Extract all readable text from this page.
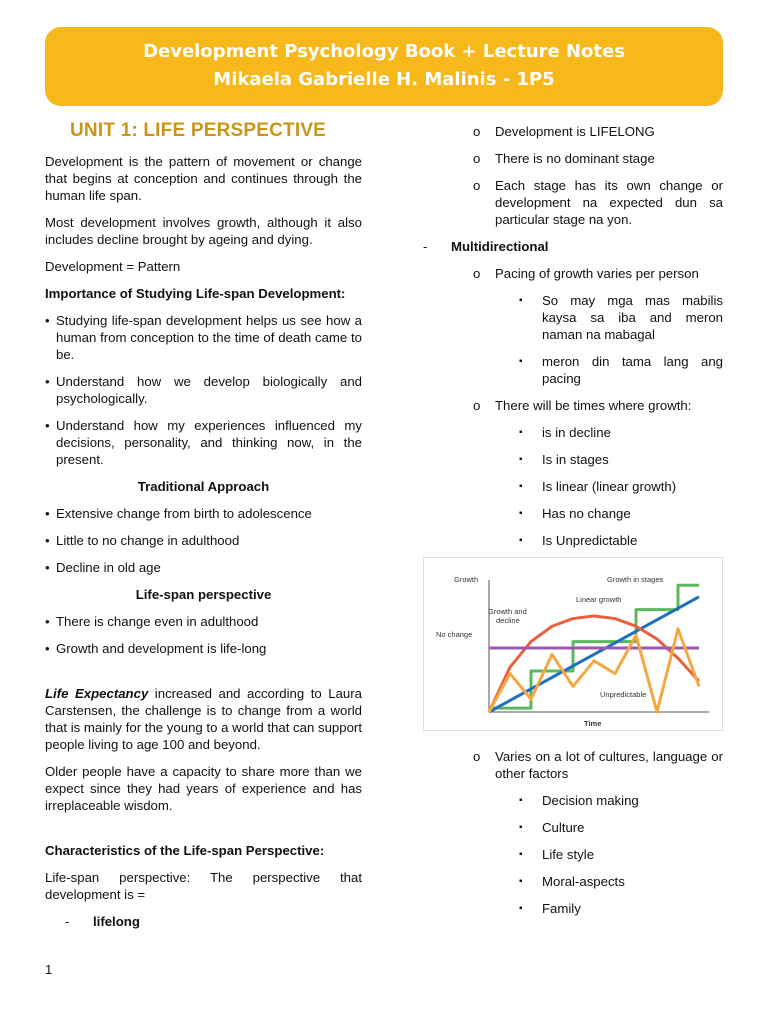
Development Psychology Book + Lecture Notes
Mikaela Gabrielle H. Malinis - 1P5
UNIT 1: LIFE PERSPECTIVE

Development is the pattern of movement or change that begins at conception and continues through the human life span.

Most development involves growth, although it also includes decline brought by ageing and dying.

Development = Pattern

Importance of Studying Life-span Development:

• Studying life-span development helps us see how a human from conception to the time of death came to be.
• Understand how we develop biologically and psychologically.
• Understand how my experiences influenced my decisions, personality, and thinking now, in the present.

Traditional Approach

• Extensive change from birth to adolescence
• Little to no change in adulthood
• Decline in old age

Life-span perspective

• There is change even in adulthood
• Growth and development is life-long

Life Expectancy increased and according to Laura Carstensen, the challenge is to change from a world that is mainly for the young to a world that can support people living to age 100 and beyond.

Older people have a capacity to share more than we expect since they had years of experience and has irreplaceable wisdom.

Characteristics of the Life-span Perspective:

Life-span perspective: The perspective that development is =

- lifelong
o Development is LIFELONG
o There is no dominant stage
o Each stage has its own change or development na expected dun sa particular stage na yon.
- Multidirectional
o Pacing of growth varies per person
▪ So may mga mas mabilis kaysa sa iba and meron naman na mabagal
▪ meron din tama lang ang pacing
o There will be times where growth:
▪ is in decline
▪ Is in stages
▪ Is linear (linear growth)
▪ Has no change
▪ Is Unpredictable
Growth
Time
Growth in stages
Linear growth
Growth and
decline
No change
Unpredictable
o Varies on a lot of cultures, language or other factors
▪ Decision making
▪ Culture
▪ Life style
▪ Moral-aspects
▪ Family
1
